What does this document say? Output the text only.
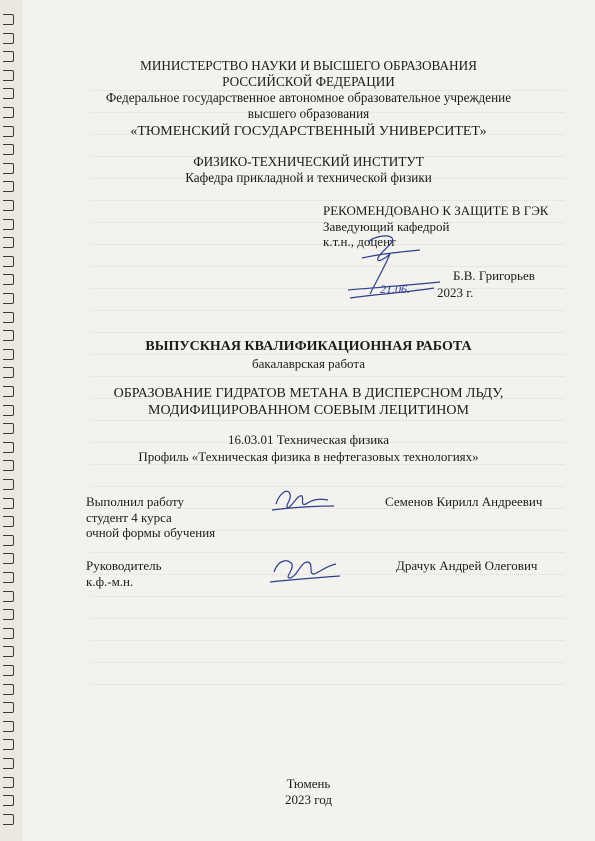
МИНИСТЕРСТВО НАУКИ И ВЫСШЕГО ОБРАЗОВАНИЯ
РОССИЙСКОЙ ФЕДЕРАЦИИ
Федеральное государственное автономное образовательное учреждение
высшего образования
«ТЮМЕНСКИЙ ГОСУДАРСТВЕННЫЙ УНИВЕРСИТЕТ»
ФИЗИКО-ТЕХНИЧЕСКИЙ ИНСТИТУТ
Кафедра прикладной и технической физики
РЕКОМЕНДОВАНО К ЗАЩИТЕ В ГЭК
Заведующий кафедрой
к.т.н., доцент
Б.В. Григорьев
2023 г.
21.06.
ВЫПУСКНАЯ КВАЛИФИКАЦИОННАЯ РАБОТА
бакалаврская работа
ОБРАЗОВАНИЕ ГИДРАТОВ МЕТАНА В ДИСПЕРСНОМ ЛЬДУ,
МОДИФИЦИРОВАННОМ СОЕВЫМ ЛЕЦИТИНОМ
16.03.01 Техническая физика
Профиль «Техническая физика в нефтегазовых технологиях»
Выполнил работу
студент 4 курса
очной формы обучения
Семенов Кирилл Андреевич
Руководитель
к.ф.-м.н.
Драчук Андрей Олегович
Тюмень
2023 год
